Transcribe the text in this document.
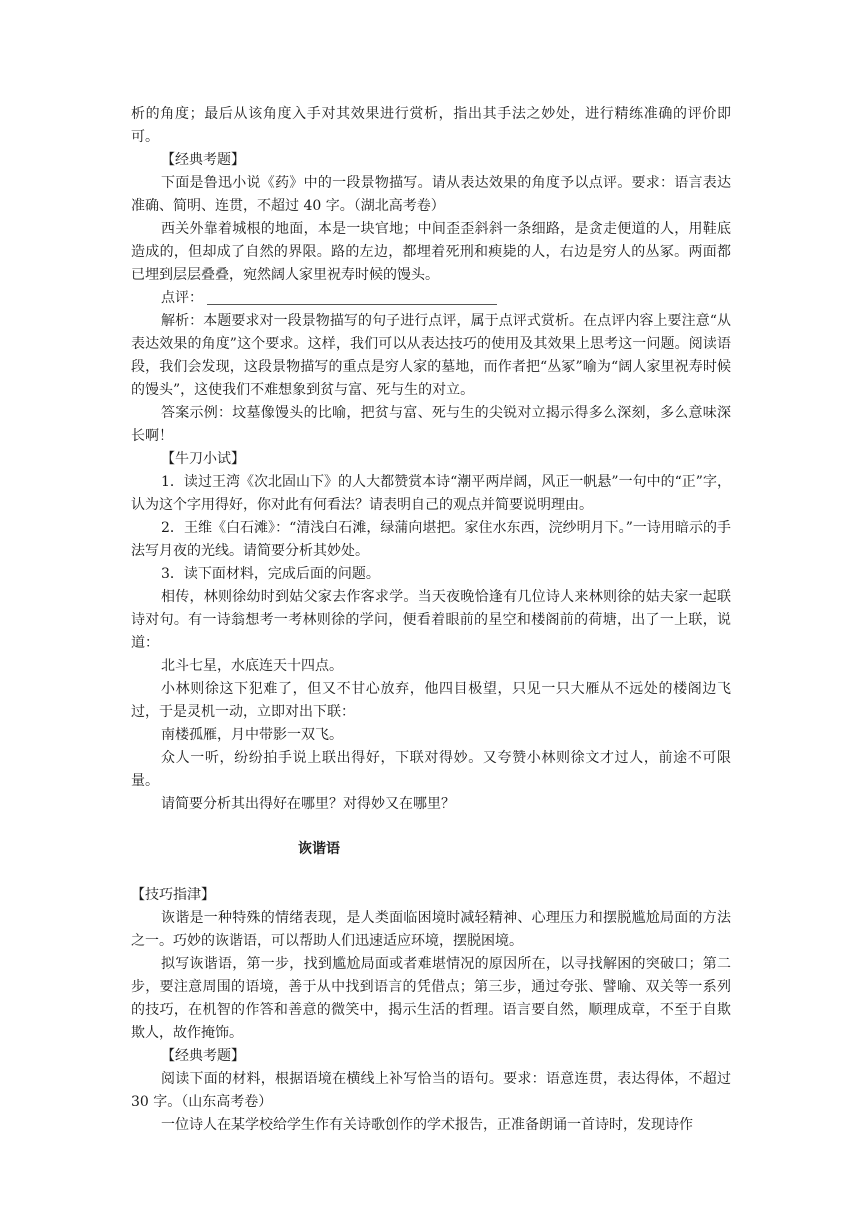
析的角度；最后从该角度入手对其效果进行赏析，指出其手法之妙处，进行精练准确的评价即可。

【经典考题】

下面是鲁迅小说《药》中的一段景物描写。请从表达效果的角度予以点评。要求：语言表达准确、简明、连贯，不超过 40 字。（湖北高考卷）

西关外靠着城根的地面，本是一块官地；中间歪歪斜斜一条细路，是贪走便道的人，用鞋底造成的，但却成了自然的界限。路的左边，都埋着死刑和瘐毙的人，右边是穷人的丛冢。两面都已埋到层层叠叠，宛然阔人家里祝寿时候的馒头。

点评：

解析：本题要求对一段景物描写的句子进行点评，属于点评式赏析。在点评内容上要注意“从表达效果的角度”这个要求。这样，我们可以从表达技巧的使用及其效果上思考这一问题。阅读语段，我们会发现，这段景物描写的重点是穷人家的墓地，而作者把“丛冢”喻为“阔人家里祝寿时候的馒头”，这使我们不难想象到贫与富、死与生的对立。

答案示例：坟墓像馒头的比喻，把贫与富、死与生的尖锐对立揭示得多么深刻，多么意味深长啊！

【牛刀小试】

1．读过王湾《次北固山下》的人大都赞赏本诗“潮平两岸阔，风正一帆悬”一句中的“正”字，认为这个字用得好，你对此有何看法？请表明自己的观点并简要说明理由。

2．王维《白石滩》：“清浅白石滩，绿蒲向堪把。家住水东西，浣纱明月下。”一诗用暗示的手法写月夜的光线。请简要分析其妙处。

3．读下面材料，完成后面的问题。

相传，林则徐幼时到姑父家去作客求学。当天夜晚恰逢有几位诗人来林则徐的姑夫家一起联诗对句。有一诗翁想考一考林则徐的学问，便看着眼前的星空和楼阁前的荷塘，出了一上联，说道：

北斗七星，水底连天十四点。

小林则徐这下犯难了，但又不甘心放弃，他四目极望，只见一只大雁从不远处的楼阁边飞过，于是灵机一动，立即对出下联：

南楼孤雁，月中带影一双飞。

众人一听，纷纷拍手说上联出得好，下联对得妙。又夸赞小林则徐文才过人，前途不可限量。

请简要分析其出得好在哪里？对得妙又在哪里？

诙谐语

【技巧指津】

诙谐是一种特殊的情绪表现，是人类面临困境时减轻精神、心理压力和摆脱尴尬局面的方法之一。巧妙的诙谐语，可以帮助人们迅速适应环境，摆脱困境。

拟写诙谐语，第一步，找到尴尬局面或者难堪情况的原因所在，以寻找解困的突破口；第二步，要注意周围的语境，善于从中找到语言的凭借点；第三步，通过夸张、譬喻、双关等一系列的技巧，在机智的作答和善意的微笑中，揭示生活的哲理。语言要自然，顺理成章，不至于自欺欺人，故作掩饰。

【经典考题】

阅读下面的材料，根据语境在横线上补写恰当的语句。要求：语意连贯，表达得体，不超过 30 字。（山东高考卷）

一位诗人在某学校给学生作有关诗歌创作的学术报告，正准备朗诵一首诗时，发现诗作
